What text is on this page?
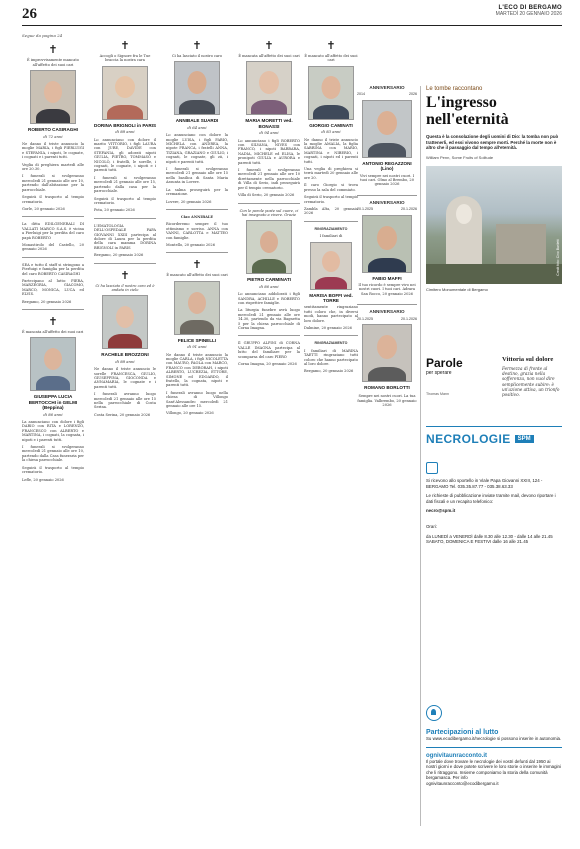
26	L'ECO DI BERGAMO
MARTEDÌ 20 GENNAIO 2026
Segue da pagina 24
✝

È improvvisamente mancato all'affetto dei suoi cari

ROBERTO CASIRAGHI
di 72 anni

Ne danno il triste annuncio la moglie MARIA, i figli PIERLUIGI e STEFANIA, i nipoti, le cognate, i cognati e i parenti tutti.

Veglia di preghiera martedì alle ore 20.30.

I funerali si svolgeranno mercoledì 21 gennaio alle ore 10, partendo dall'abitazione per la parrocchiale.

Seguirà il trasporto al tempio crematorio.

Gorle, 20 gennaio 2026

La ditta EDILGENERALI DI VALLATI MARCO S.A.S. è vicina a Pierluigi per la perdita del caro papà ROBERTO

Monastirolo del Castello, 20 gennaio 2026

SEA e tutto il staff si stringono a Pierluigi e famiglia per la perdita del caro ROBERTO CASIRAGHI

Partecipano al lutto: PIERA, MARZEGRIA, GIACOMO, MARCO, MONICA, LUCA ed ELVIS.

Bergamo, 20 gennaio 2026

✝

È mancata all'affetto dei suoi cari

GIUSEPPA LUCIA BERTOCCHI in GELMI (Beppina)
di 86 anni

La annunciano con dolore i figli DARIO con RITA e LORENZO, FRANCESCO con ALBERTO e MARTINA, i cognati, la cognata, i nipoti e i parenti tutti.

I funerali si svolgeranno mercoledì 21 gennaio alle ore 10, partendo dalla Casa funeraria per la chiesa parrocchiale.

Seguirà il trasporto al tempio crematorio.

Lefle, 20 gennaio 2026

✝

Accogli o Signore fra le Tue braccia la nostra cara

DORINA BRIGNOLI in PARIS
di 88 anni

Lo annunciano con dolore il marito VITTORIO, i figli LAURA con JURE, DAVIDE con STEFANIA, gli adorati nipoti GIULIA, PIETRO, TOMMASO e NICOLÒ, i fratelli, le sorelle, i cognati, le cognate, i nipoti e i parenti tutti.

I funerali si svolgeranno mercoledì 21 gennaio alle ore 15, partendo dalla casa per la parrocchiale.

Seguirà il trasporto al tempio crematorio.

Pota, 20 gennaio 2026

L'EMATOLOGIA DELL'OSPEDALE PAPA GIOVANNI XXIII partecipa al dolore di Laura per la perdita della cara mamma DORINA BRIGNOLI in PARIS

Bergamo, 20 gennaio 2026

✝

Ci ha lasciato il nostro caro ed è andata in cielo

RACHELE BROZZONI
di 88 anni

Ne danno il triste annuncio le sorelle FRANCESCA, GIULIO, GIUSEPPINA, GIOCONDA e ANNAMARIA, le cognate e i parenti tutti.

I funerali avranno luogo mercoledì 21 gennaio alle ore 15 nella parrocchiale di Costa Serina.

Costa Serina, 20 gennaio 2026

✝

Ci ha lasciato il nostro caro

ANNIBALE SUARDI
di 64 anni

Lo annunciano con dolore la moglie LUISA, i figli FABIO, MICHELA con ANDREA, la nipote FRANCA, i fratelli ANNA, TIZIANA, GRAZIANO e GIULIO, i cognati, le cognate, gli zii, i nipoti e parenti tutti.

I funerali si svolgeranno mercoledì 21 gennaio alle ore 15 nella basilica di Santa Maria Assunta in Lovere.

La salma proseguirà per la cremazione.

Lovere, 20 gennaio 2026

Ciao ANNIBALE

Ricorderemo sempre il tuo ottimismo e sorriso. ANNA con VANNI, CARLOTTA e MATTEO con famiglie.

Montello, 20 gennaio 2026

✝

È mancato all'affetto dei suoi cari

FELICE SPINELLI
di 91 anni

Ne danno il triste annuncio la moglie CARLA, i figli NICOLETTA con MAURO, PAOLA con MARCO, FRANCO con DEBORAH, i nipoti ALBERTO, LUCREZIA, ETTORE, SIMONE ed EDOARDO, il fratello, la cognata, nipoti e parenti tutti.

I funerali avranno luogo nella chiesa di Villongo Sant'Alessandro mercoledì 21 gennaio alle ore 15.

Villongo, 20 gennaio 2026

✝

È mancata all'affetto dei suoi cari

MARIA MORETTI ved. BONASSI
di 94 anni

Lo annunciano i figli ROBERTO con SILVANA, NIVES con FRANCO, i nipoti BARBARA, NADIA, MICHELE ed ELISA, le pronipoti GIULIA e AURORA e parenti tutti.

I funerali si svolgeranno mercoledì 21 gennaio alle ore 10 direttamente nella parrocchiale di Villa di Serio, indi proseguirà per il tempio crematorio.

Villa di Serio, 20 gennaio 2026

Con le parole poste sul cuore, ci hai insegnato a vivere. Grazie

PIETRO CARMINATI
di 86 anni

Lo annunciano addolorati i figli SANDRA, ACHILLE e ROBERTO con rispettive famiglie.

La liturgia funebre avrà luogo mercoledì 21 gennaio alle ore 14.30, partendo da via Bagnetta 5 per la chiesa parrocchiale di Corna Imagna.

Il GRUPPO ALPINI di CORNA VALLE IMAGNA partecipa al lutto del familiare per la scomparsa del caro PIERO

Corna Imagna, 20 gennaio 2026

✝

È mancato all'affetto dei suoi cari

GIORGIO CAMINATI
di 83 anni

Ne danno il triste annuncio la moglie AMALIA, la figlia SABRINA con MARIO, MARTINA e NIBERIO, i cognati, i nipoti ed i parenti tutti.

Una veglia di preghiera si terrà martedì 20 gennaio alle ore 20.

Il caro Giorgio si trova presso la sala del commiato.

Seguirà il trasporto al tempio crematorio.

Zambla Alta, 20 gennaio 2026

RINGRAZIAMENTO

I familiari di

MARISA BOFFI ved. TORRE

sentitamente ringraziano tutti coloro che, in diversi modi, hanno partecipato al loro dolore.

Dalmine, 20 gennaio 2026

RINGRAZIAMENTO

I familiari di MARINA TAETTI ringraziano tutti coloro che hanno partecipato al loro dolore.

Bergamo, 20 gennaio 2026

ANNIVERSARIO
2014	2026
ANTONIO REGAZZONI (Lino)

Vivi sempre nei nostri cuori. I tuoi cari. Olmo al Brembo, 20 gennaio 2026

ANNIVERSARIO
20.1.2025	20.1.2026
FABIO MAFFI

Il tuo ricordo è sempre vivo nei nostri cuori. I tuoi cari. Adrara San Rocco, 20 gennaio 2026

ANNIVERSARIO
20.1.2025	20.1.2026
ROMANO BORLOTTI

Sempre nei nostri cuori. La tua famiglia. Valbrembo, 20 gennaio 2026

Le tombe raccontano
L'ingresso nell'eternità
Questa è la consolazione degli uomini di Dio: la tomba non può trattenerli, ed essi vivono sempre morti. Perché la morte non è altro che il passaggio dal tempo all'eternità.
William Penn, Some Fruits of Solitude
Credit foto: Cino Bariletti
Cimitero Monumentale di Bergamo
Parole
per sperare
Thomas Mann
Vittoria sul dolore
Fermezza di fronte al destino, grazia nella sofferenza, non vuol dire semplicemente subire: è un'azione attiva, un trionfo positivo.
NECROLOGIE SPM
Si ricevono allo sportello in Viale Papa Giovanni XXIII, 124 - BERGAMO Tel. 035.35.87.77 - 035.38.63.33
Le richieste di pubblicazione inviate tramite mail, devono riportare i dati fiscali e un recapito telefonico:
necro@spm.it
Orari:
da LUNEDÌ a VENERDÌ dalle 8.30 alle 12.30 - dalle 14 alle 21.45 SABATO, DOMENICA E FESTIVI dalle 16 alle 21.45
Partecipazioni al lutto
Su www.ecodibergamo.it/necrologie si possono inserire in autonomia.
ognivitaunracconto.it
Il portale dove trovare le necrologie dei vostri defunti dal 1950 ai nostri giorni e dove potete scrivere le loro storie o inserire le immagini che li ritraggono. Insieme componiamo la storia della comunità bergamasca. Per info
ognivitaunracconto@ecodibergamo.it
